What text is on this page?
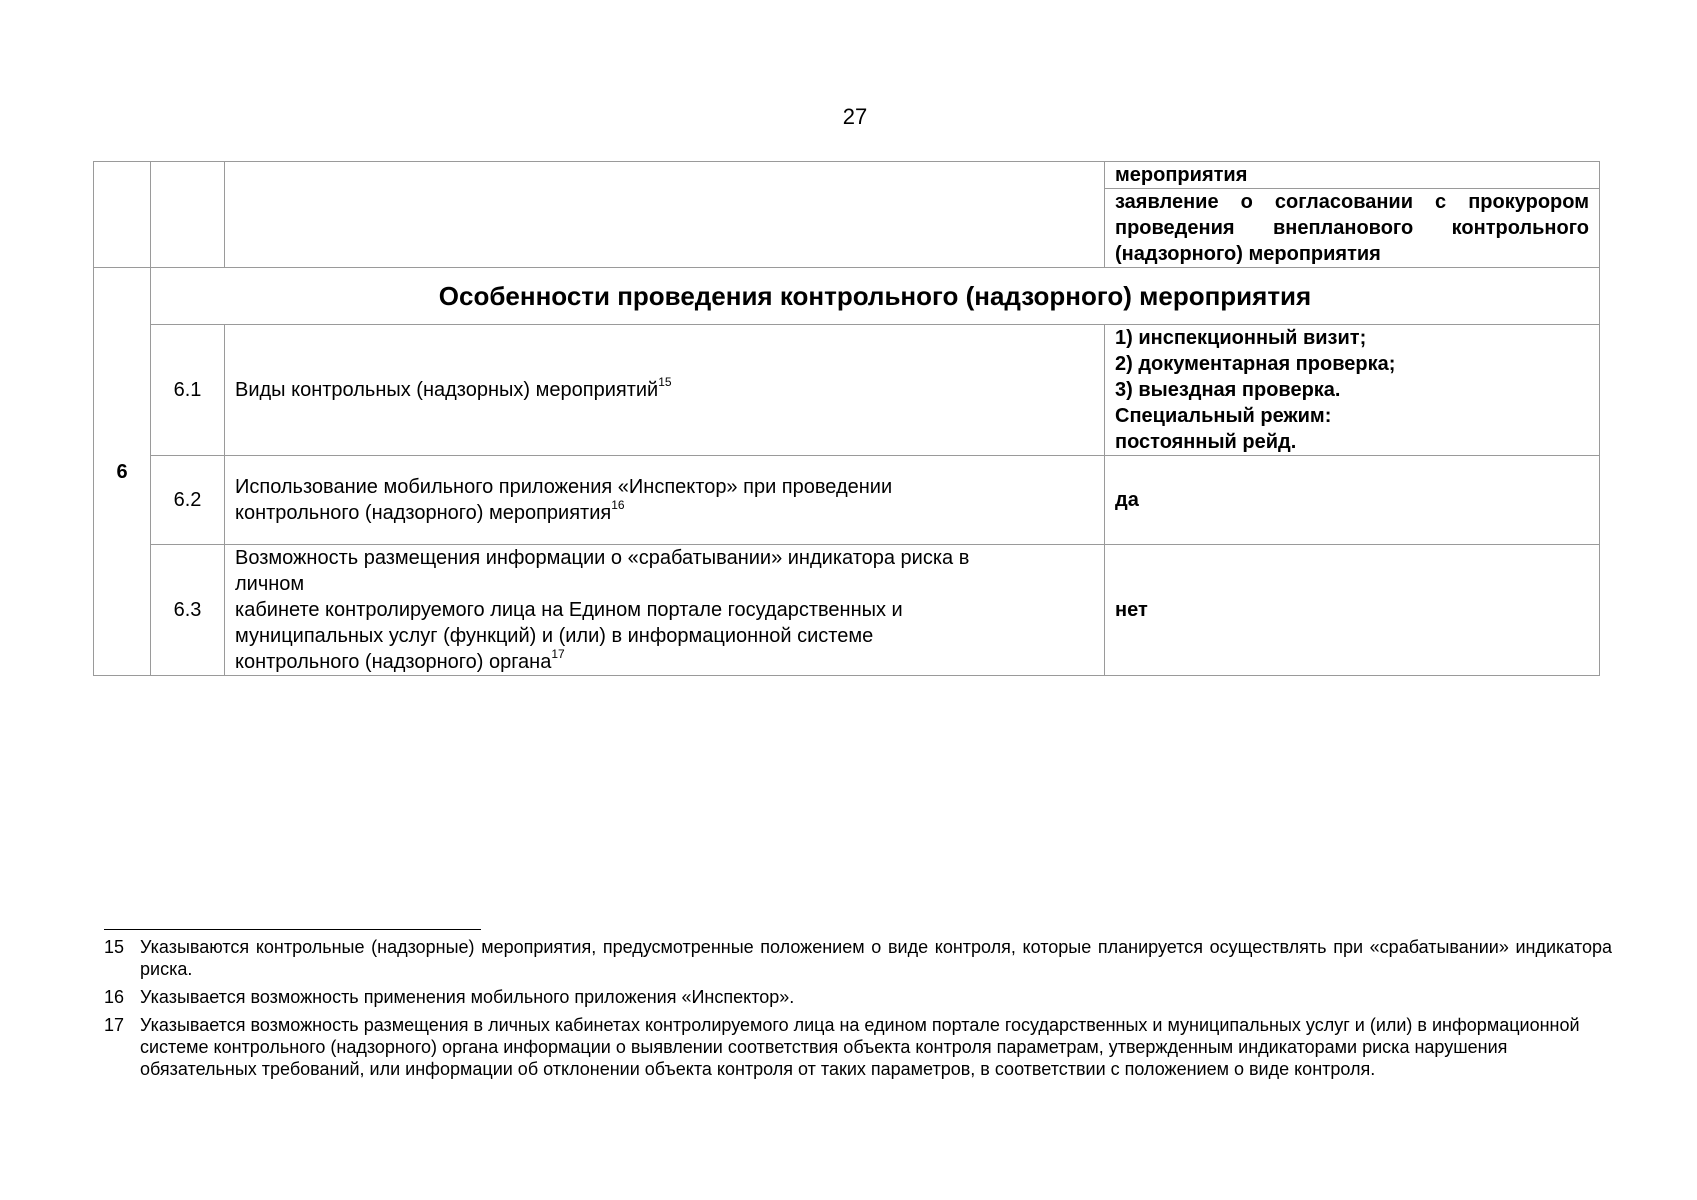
27

			мероприятия
заявление о согласовании с прокурором проведения внепланового контрольного (надзорного) мероприятия

6	Особенности проведения контрольного (надзорного) мероприятия		
	6.1	Виды контрольных (надзорных) мероприятий$^{15}$	1) инспекционный визит;
2) документарная проверка;
3) выездная проверка.
Специальный режим:
постоянный рейд.

	6.2	Использование мобильного приложения «Инспектор» при проведении
контрольного (надзорного) мероприятия$^{16}$	да
	6.3	Возможность размещения информации о «срабатывании» индикатора риска в
личном
кабинете контролируемого лица на Едином портале государственных и
муниципальных услуг (функций) и (или) в информационной системе
контрольного (надзорного) органа$^{17}$	нет
15 Указываются контрольные (надзорные) мероприятия, предусмотренные положением о виде контроля, которые планируется осуществлять при «срабатывании» индикатора риска.
16 Указывается возможность применения мобильного приложения «Инспектор».
17 Указывается возможность размещения в личных кабинетах контролируемого лица на едином портале государственных и муниципальных услуг и (или) в информационной системе контрольного (надзорного) органа информации о выявлении соответствия объекта контроля параметрам, утвержденным индикаторами риска нарушения обязательных требований, или информации об отклонении объекта контроля от таких параметров, в соответствии с положением о виде контроля.
